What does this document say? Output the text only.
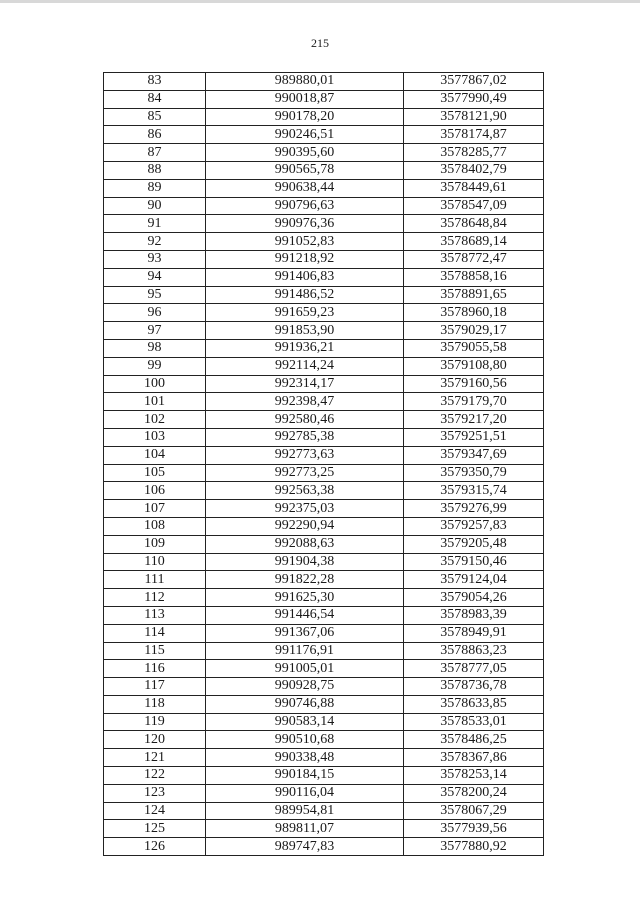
215
83	989880,01	3577867,02
84	990018,87	3577990,49
85	990178,20	3578121,90
86	990246,51	3578174,87
87	990395,60	3578285,77
88	990565,78	3578402,79
89	990638,44	3578449,61
90	990796,63	3578547,09
91	990976,36	3578648,84
92	991052,83	3578689,14
93	991218,92	3578772,47
94	991406,83	3578858,16
95	991486,52	3578891,65
96	991659,23	3578960,18
97	991853,90	3579029,17
98	991936,21	3579055,58
99	992114,24	3579108,80
100	992314,17	3579160,56
101	992398,47	3579179,70
102	992580,46	3579217,20
103	992785,38	3579251,51
104	992773,63	3579347,69
105	992773,25	3579350,79
106	992563,38	3579315,74
107	992375,03	3579276,99
108	992290,94	3579257,83
109	992088,63	3579205,48
110	991904,38	3579150,46
111	991822,28	3579124,04
112	991625,30	3579054,26
113	991446,54	3578983,39
114	991367,06	3578949,91
115	991176,91	3578863,23
116	991005,01	3578777,05
117	990928,75	3578736,78
118	990746,88	3578633,85
119	990583,14	3578533,01
120	990510,68	3578486,25
121	990338,48	3578367,86
122	990184,15	3578253,14
123	990116,04	3578200,24
124	989954,81	3578067,29
125	989811,07	3577939,56
126	989747,83	3577880,92
